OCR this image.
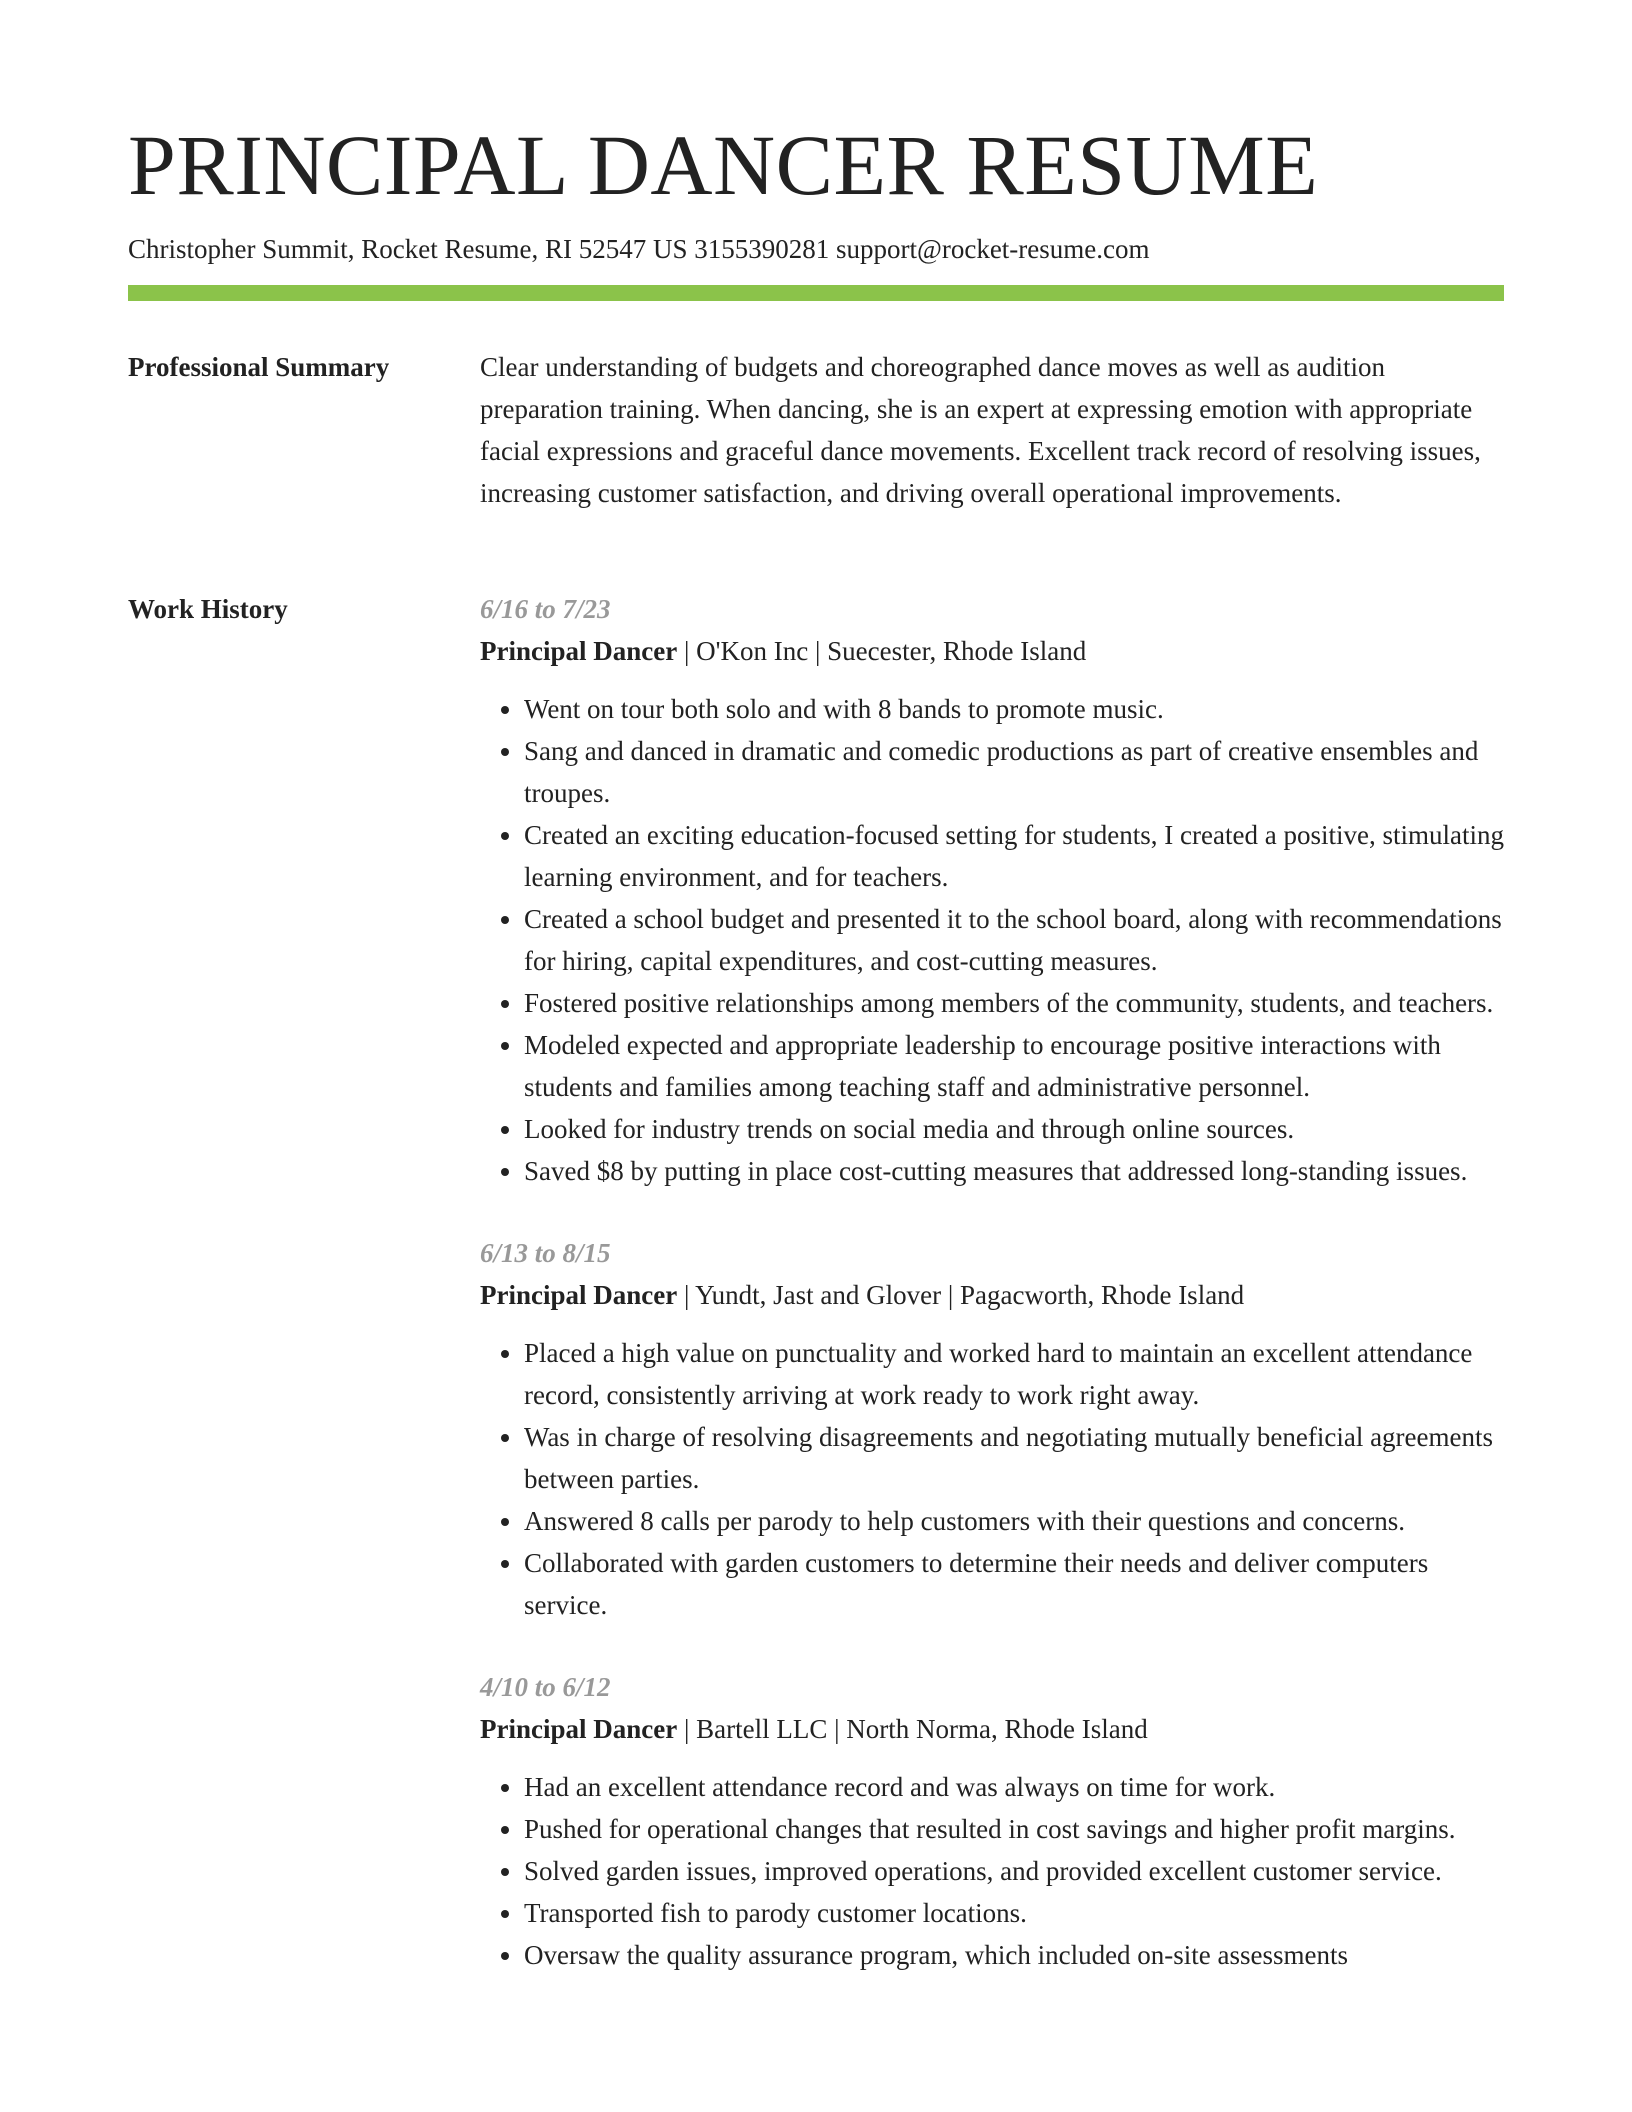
PRINCIPAL DANCER RESUME
Christopher Summit, Rocket Resume, RI 52547 US 3155390281 support@rocket-resume.com
Professional Summary	Clear understanding of budgets and choreographed dance moves as well as audition preparation training. When dancing, she is an expert at expressing emotion with appropriate facial expressions and graceful dance movements. Excellent track record of resolving issues, increasing customer satisfaction, and driving overall operational improvements.

Work History	6/16 to 7/23
Principal Dancer | O'Kon Inc | Suecester, Rhode Island
• Went on tour both solo and with 8 bands to promote music.
• Sang and danced in dramatic and comedic productions as part of creative ensembles and troupes.
• Created an exciting education-focused setting for students, I created a positive, stimulating learning environment, and for teachers.
• Created a school budget and presented it to the school board, along with recommendations for hiring, capital expenditures, and cost-cutting measures.
• Fostered positive relationships among members of the community, students, and teachers.
• Modeled expected and appropriate leadership to encourage positive interactions with students and families among teaching staff and administrative personnel.
• Looked for industry trends on social media and through online sources.
• Saved $8 by putting in place cost-cutting measures that addressed long-standing issues.
6/13 to 8/15
Principal Dancer | Yundt, Jast and Glover | Pagacworth, Rhode Island
• Placed a high value on punctuality and worked hard to maintain an excellent attendance record, consistently arriving at work ready to work right away.
• Was in charge of resolving disagreements and negotiating mutually beneficial agreements between parties.
• Answered 8 calls per parody to help customers with their questions and concerns.
• Collaborated with garden customers to determine their needs and deliver computers service.
4/10 to 6/12
Principal Dancer | Bartell LLC | North Norma, Rhode Island
• Had an excellent attendance record and was always on time for work.
• Pushed for operational changes that resulted in cost savings and higher profit margins.
• Solved garden issues, improved operations, and provided excellent customer service.
• Transported fish to parody customer locations.
• Oversaw the quality assurance program, which included on-site assessments
